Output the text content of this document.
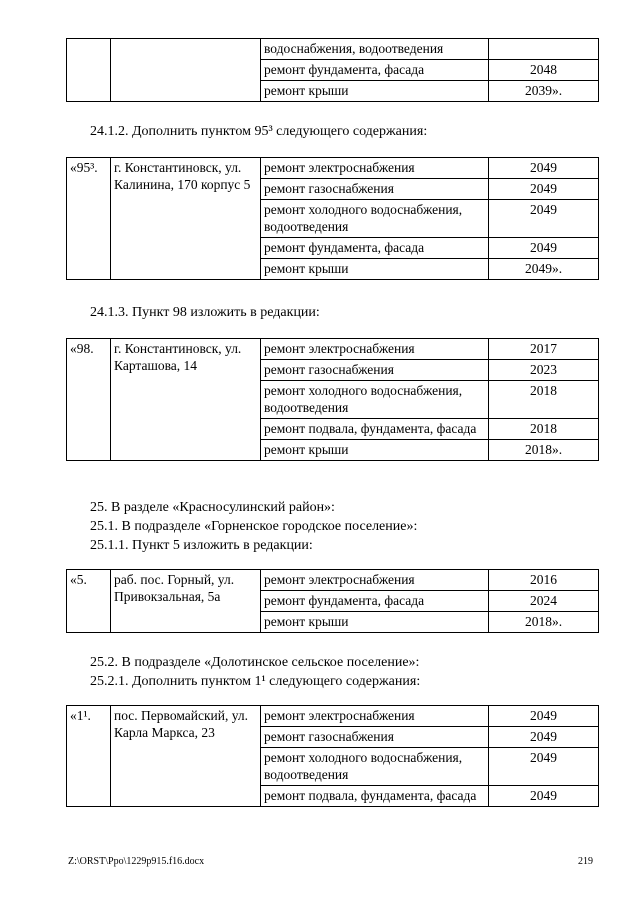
		водоснабжения, водоотведения	
		ремонт фундамента, фасада	2048
		ремонт крыши	2039».
24.1.2. Дополнить пунктом 95³ следующего содержания:
«95³.	г. Константиновск, ул. Калинина, 170 корпус 5	ремонт электроснабжения	2049
		ремонт газоснабжения	2049
		ремонт холодного водоснабжения, водоотведения	2049
		ремонт фундамента, фасада	2049
		ремонт крыши	2049».
24.1.3. Пункт 98 изложить в редакции:
«98.	г. Константиновск, ул. Карташова, 14	ремонт электроснабжения	2017
		ремонт газоснабжения	2023
		ремонт холодного водоснабжения, водоотведения	2018
		ремонт подвала, фундамента, фасада	2018
		ремонт крыши	2018».
25. В разделе «Красносулинский район»:
25.1. В подразделе «Горненское городское поселение»:
25.1.1. Пункт 5 изложить в редакции:
«5.	раб. пос. Горный, ул. Привокзальная, 5а	ремонт электроснабжения	2016
		ремонт фундамента, фасада	2024
		ремонт крыши	2018».
25.2. В подразделе «Долотинское сельское поселение»:
25.2.1. Дополнить пунктом 1¹ следующего содержания:
«1¹.	пос. Первомайский, ул. Карла Маркса, 23	ремонт электроснабжения	2049
		ремонт газоснабжения	2049
		ремонт холодного водоснабжения, водоотведения	2049
		ремонт подвала, фундамента, фасада	2049
Z:\ORST\Ppo\1229p915.f16.docx	219
